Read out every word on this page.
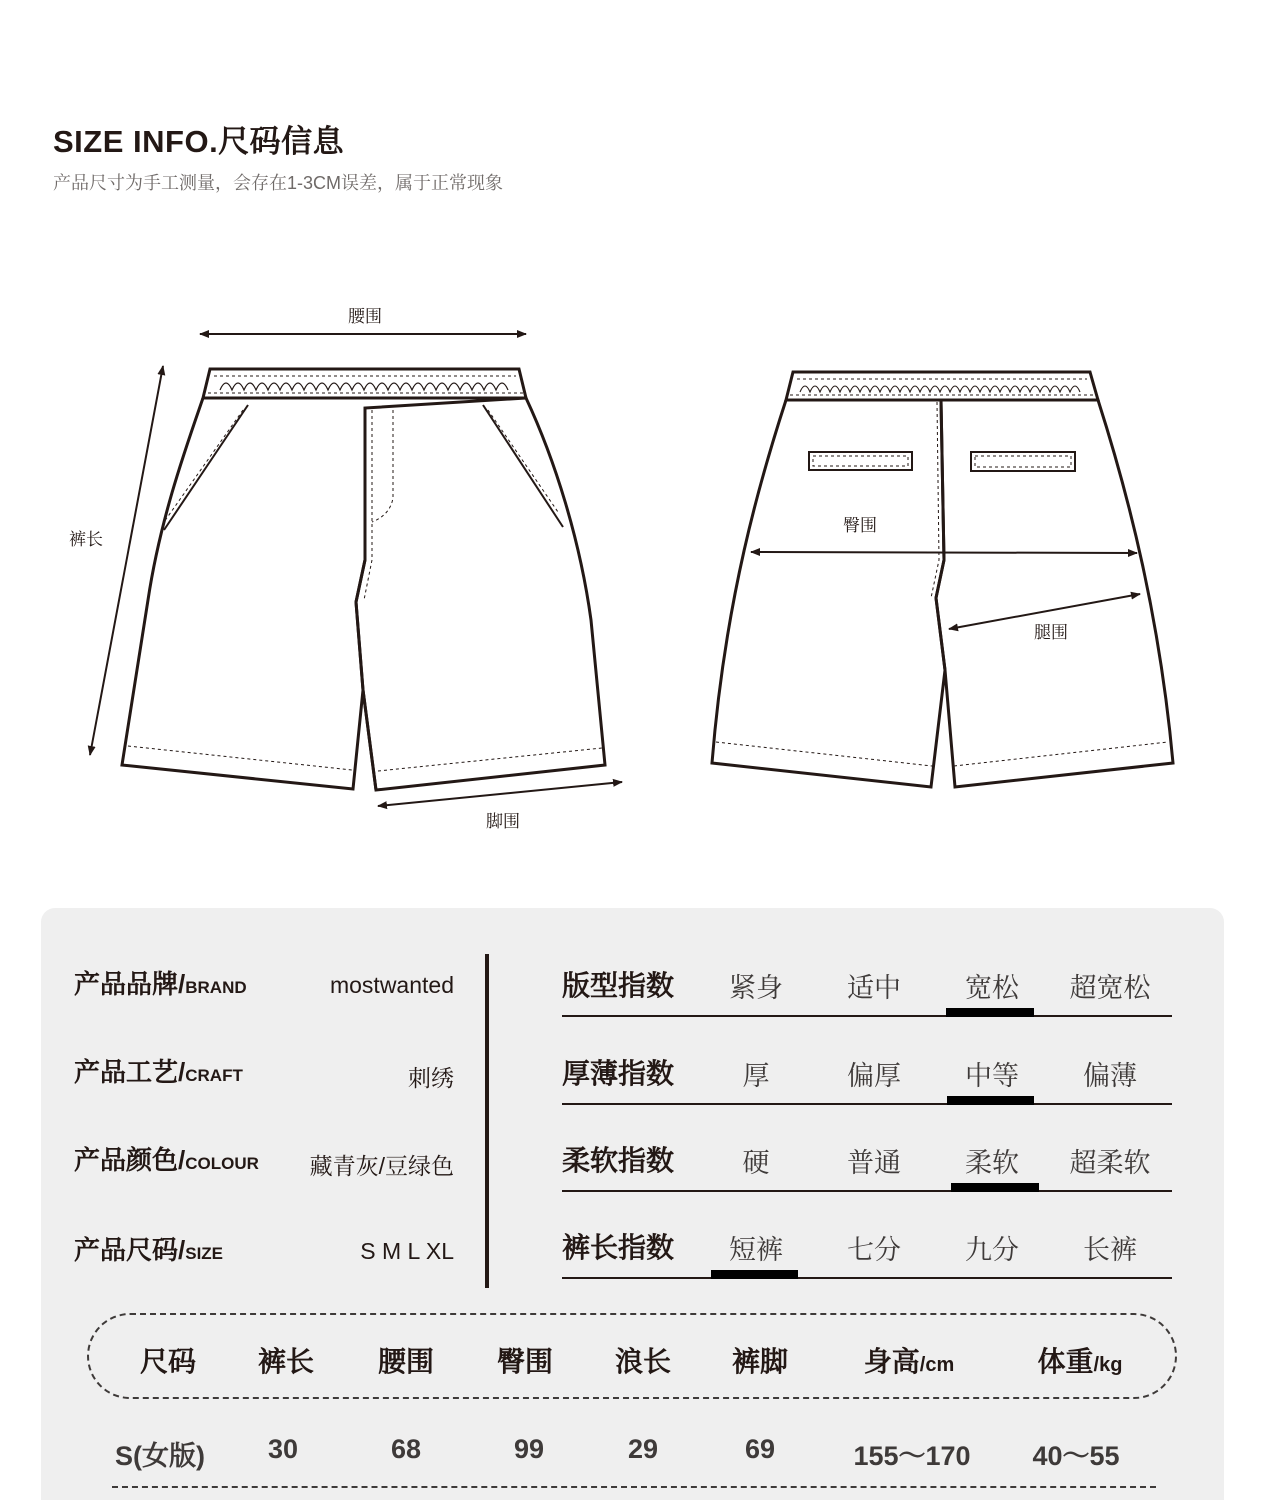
SIZE INFO.尺码信息
产品尺寸为手工测量，会存在1-3CM误差，属于正常现象
腰围
裤长
脚围
臀围
腿围
产品品牌/BRAND	mostwanted
产品工艺/CRAFT	刺绣
产品颜色/COLOUR 藏青灰/豆绿色
产品尺码/SIZE	S M L XL
版型指数	紧身	适中	宽松	超宽松
厚薄指数	厚	偏厚	中等	偏薄
柔软指数	硬	普通	柔软	超柔软
裤长指数	短裤	七分	九分	长裤
尺码 裤长 腰围 臀围 浪长 裤脚	身高/cm	体重/kg
S(女版) 30	68	99	29	69	155～170 40～55
